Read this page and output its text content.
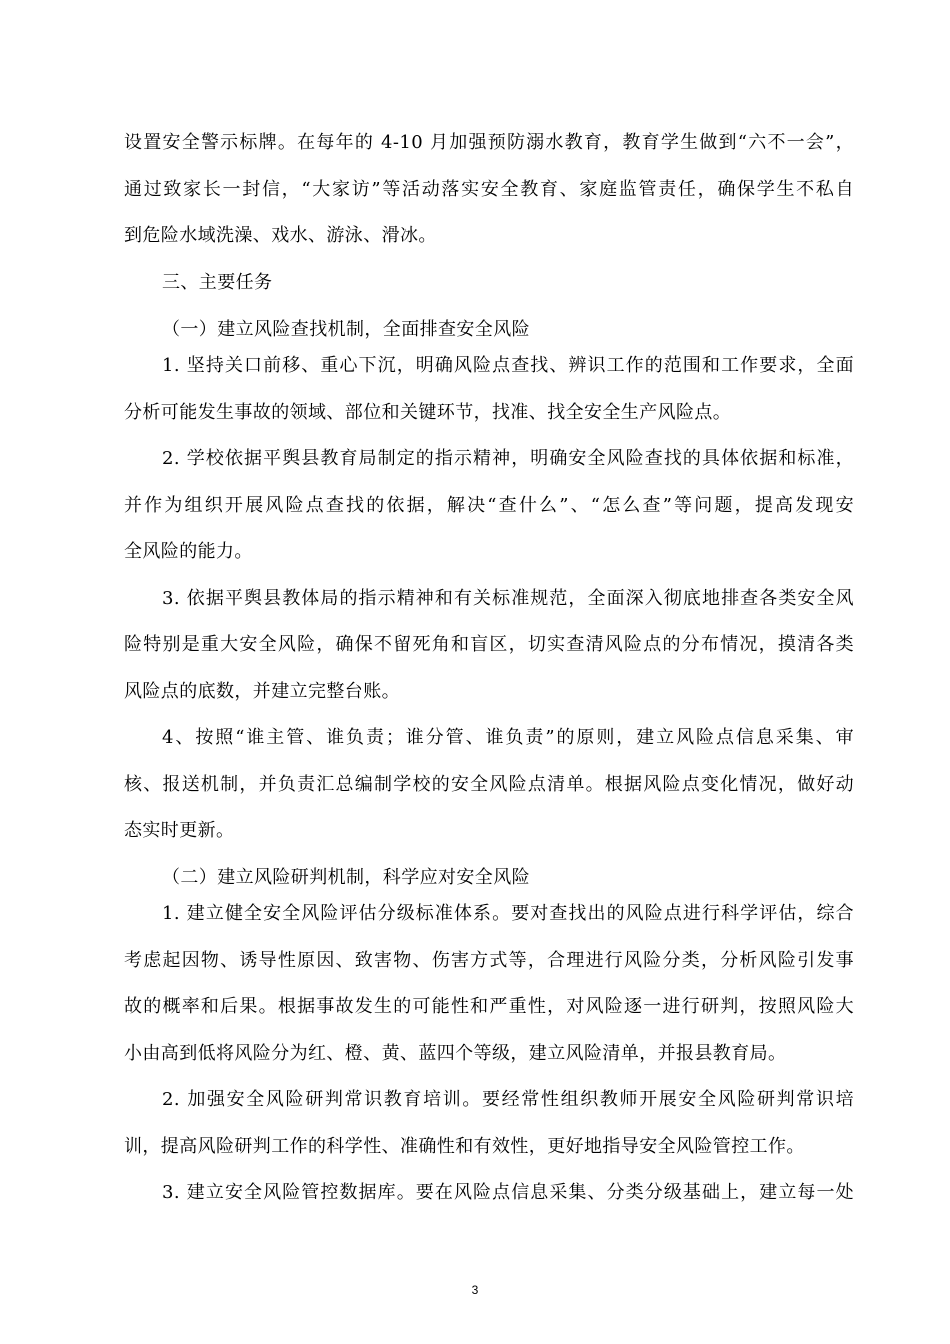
设置安全警示标牌。在每年的 4-10 月加强预防溺水教育，教育学生做到“六不一会”，
通过致家长一封信，“大家访”等活动落实安全教育、家庭监管责任，确保学生不私自
到危险水域洗澡、戏水、游泳、滑冰。
三、主要任务
（一）建立风险查找机制，全面排查安全风险
1. 坚持关口前移、重心下沉，明确风险点查找、辨识工作的范围和工作要求，全面
分析可能发生事故的领域、部位和关键环节，找准、找全安全生产风险点。
2. 学校依据平舆县教育局制定的指示精神，明确安全风险查找的具体依据和标准，
并作为组织开展风险点查找的依据，解决“查什么”、“怎么查”等问题，提高发现安
全风险的能力。
3. 依据平舆县教体局的指示精神和有关标准规范，全面深入彻底地排查各类安全风
险特别是重大安全风险，确保不留死角和盲区，切实查清风险点的分布情况，摸清各类
风险点的底数，并建立完整台账。
4、按照“谁主管、谁负责；谁分管、谁负责”的原则，建立风险点信息采集、审
核、报送机制，并负责汇总编制学校的安全风险点清单。根据风险点变化情况，做好动
态实时更新。
（二）建立风险研判机制，科学应对安全风险
1. 建立健全安全风险评估分级标准体系。要对查找出的风险点进行科学评估，综合
考虑起因物、诱导性原因、致害物、伤害方式等，合理进行风险分类，分析风险引发事
故的概率和后果。根据事故发生的可能性和严重性，对风险逐一进行研判，按照风险大
小由高到低将风险分为红、橙、黄、蓝四个等级，建立风险清单，并报县教育局。
2. 加强安全风险研判常识教育培训。要经常性组织教师开展安全风险研判常识培
训，提高风险研判工作的科学性、准确性和有效性，更好地指导安全风险管控工作。
3. 建立安全风险管控数据库。要在风险点信息采集、分类分级基础上，建立每一处
3
